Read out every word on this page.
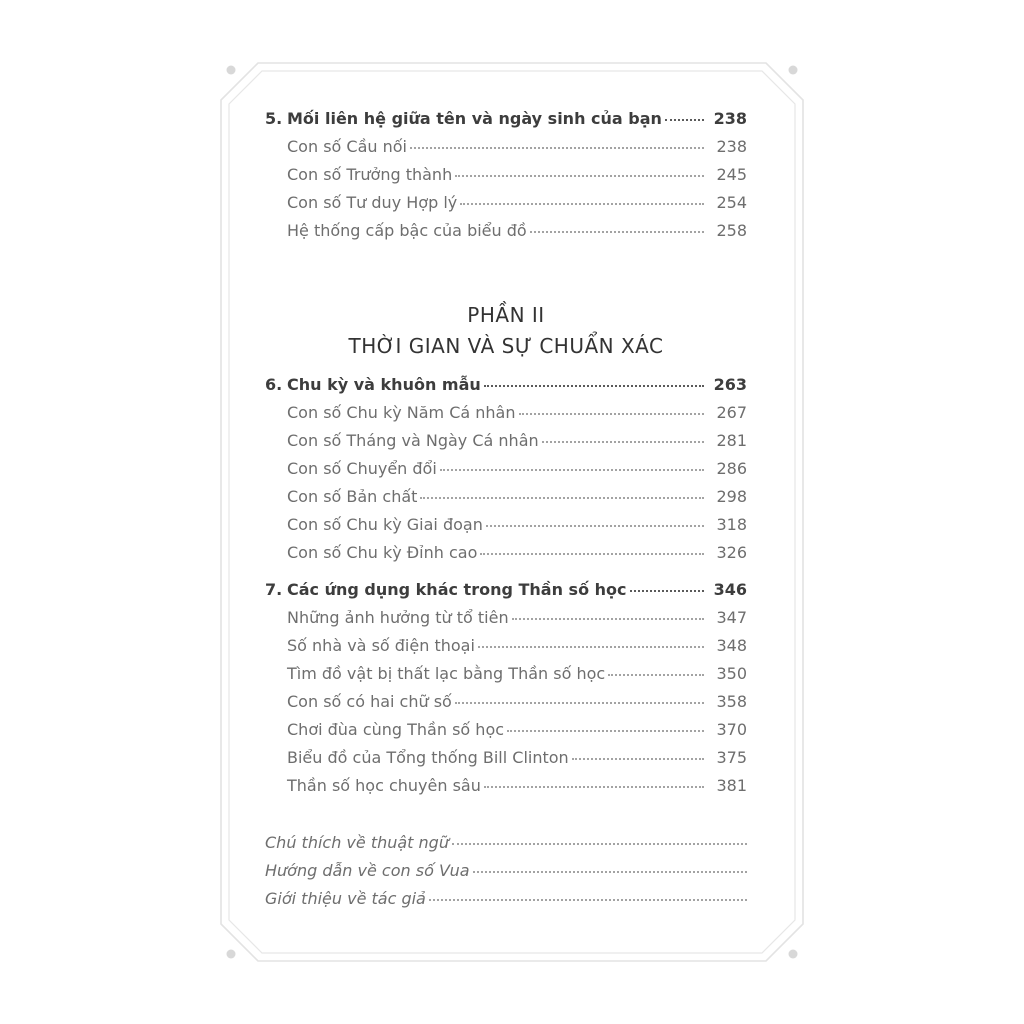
5. Mối liên hệ giữa tên và ngày sinh của bạn	238
Con số Cầu nối	238
Con số Trưởng thành	245
Con số Tư duy Hợp lý	254
Hệ thống cấp bậc của biểu đồ	258
PHẦN II
THỜI GIAN VÀ SỰ CHUẨN XÁC
6. Chu kỳ và khuôn mẫu	263
Con số Chu kỳ Năm Cá nhân	267
Con số Tháng và Ngày Cá nhân	281
Con số Chuyển đổi	286
Con số Bản chất	298
Con số Chu kỳ Giai đoạn	318
Con số Chu kỳ Đỉnh cao	326
7. Các ứng dụng khác trong Thần số học	346
Những ảnh hưởng từ tổ tiên	347
Số nhà và số điện thoại	348
Tìm đồ vật bị thất lạc bằng Thần số học	350
Con số có hai chữ số	358
Chơi đùa cùng Thần số học	370
Biểu đồ của Tổng thống Bill Clinton	375
Thần số học chuyên sâu	381
Chú thích về thuật ngữ
Hướng dẫn về con số Vua
Giới thiệu về tác giả
